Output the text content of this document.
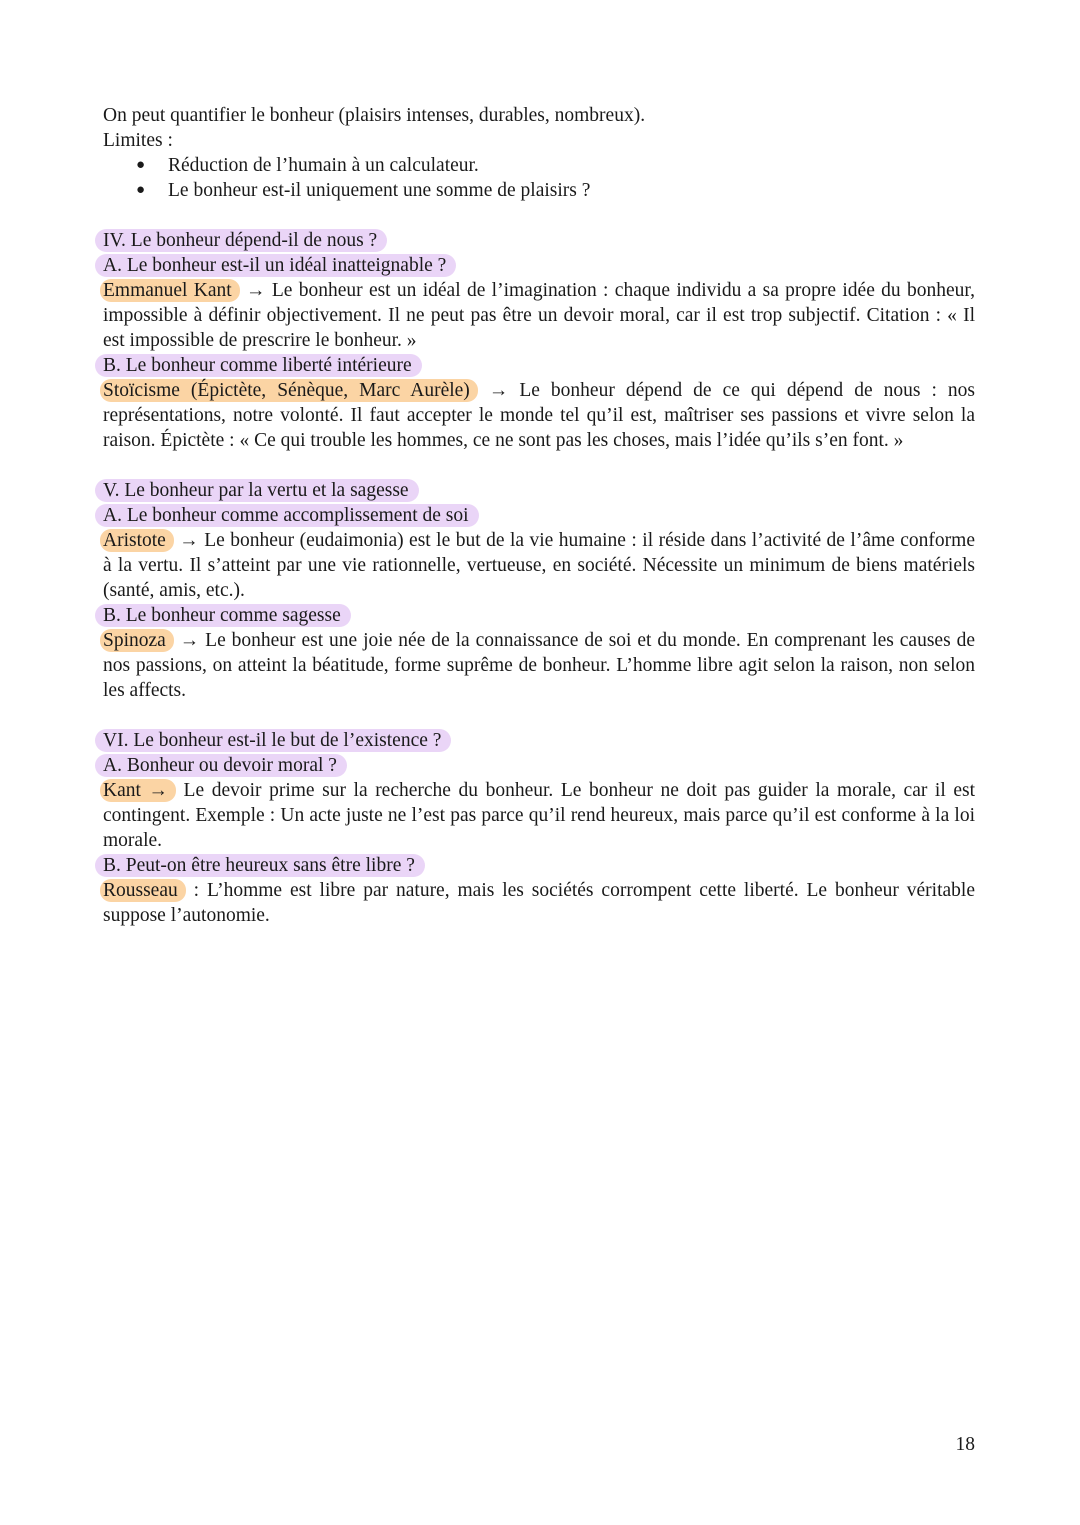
On peut quantifier le bonheur (plaisirs intenses, durables, nombreux).

Limites :

● Réduction de l’humain à un calculateur.
● Le bonheur est-il uniquement une somme de plaisirs ?

IV. Le bonheur dépend-il de nous ?

A. Le bonheur est-il un idéal inatteignable ?

Emmanuel Kant → Le bonheur est un idéal de l’imagination : chaque individu a sa propre idée du bonheur, impossible à définir objectivement. Il ne peut pas être un devoir moral, car il est trop subjectif. Citation : « Il est impossible de prescrire le bonheur. »

B. Le bonheur comme liberté intérieure

Stoïcisme (Épictète, Sénèque, Marc Aurèle) → Le bonheur dépend de ce qui dépend de nous : nos représentations, notre volonté. Il faut accepter le monde tel qu’il est, maîtriser ses passions et vivre selon la raison. Épictète : « Ce qui trouble les hommes, ce ne sont pas les choses, mais l’idée qu’ils s’en font. »

V. Le bonheur par la vertu et la sagesse

A. Le bonheur comme accomplissement de soi

Aristote → Le bonheur (eudaimonia) est le but de la vie humaine : il réside dans l’activité de l’âme conforme à la vertu. Il s’atteint par une vie rationnelle, vertueuse, en société. Nécessite un minimum de biens matériels (santé, amis, etc.).

B. Le bonheur comme sagesse

Spinoza → Le bonheur est une joie née de la connaissance de soi et du monde. En comprenant les causes de nos passions, on atteint la béatitude, forme suprême de bonheur. L’homme libre agit selon la raison, non selon les affects.

VI. Le bonheur est-il le but de l’existence ?

A. Bonheur ou devoir moral ?

Kant → Le devoir prime sur la recherche du bonheur. Le bonheur ne doit pas guider la morale, car il est contingent. Exemple : Un acte juste ne l’est pas parce qu’il rend heureux, mais parce qu’il est conforme à la loi morale.

B. Peut-on être heureux sans être libre ?

Rousseau : L’homme est libre par nature, mais les sociétés corrompent cette liberté. Le bonheur véritable suppose l’autonomie.

18
